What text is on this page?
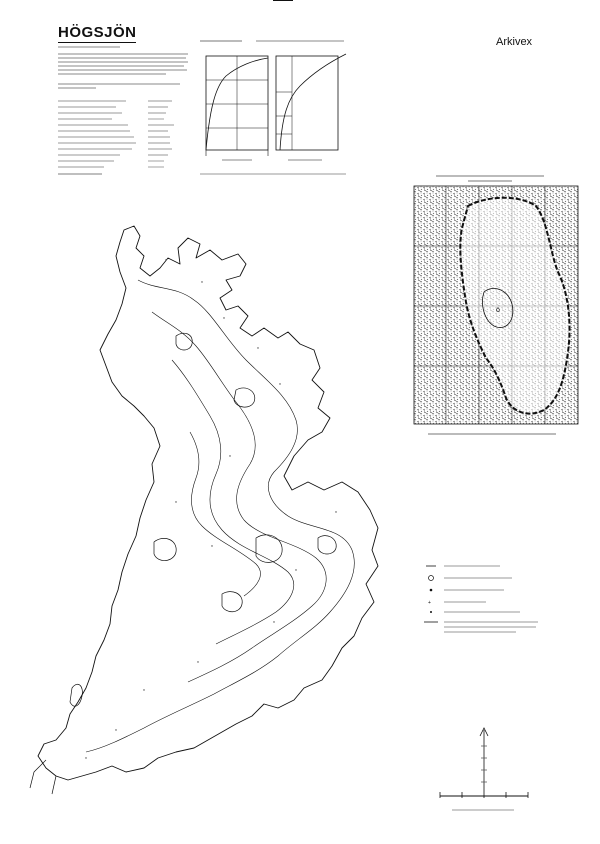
HÖGSJÖN
Arkivex
ö
+
